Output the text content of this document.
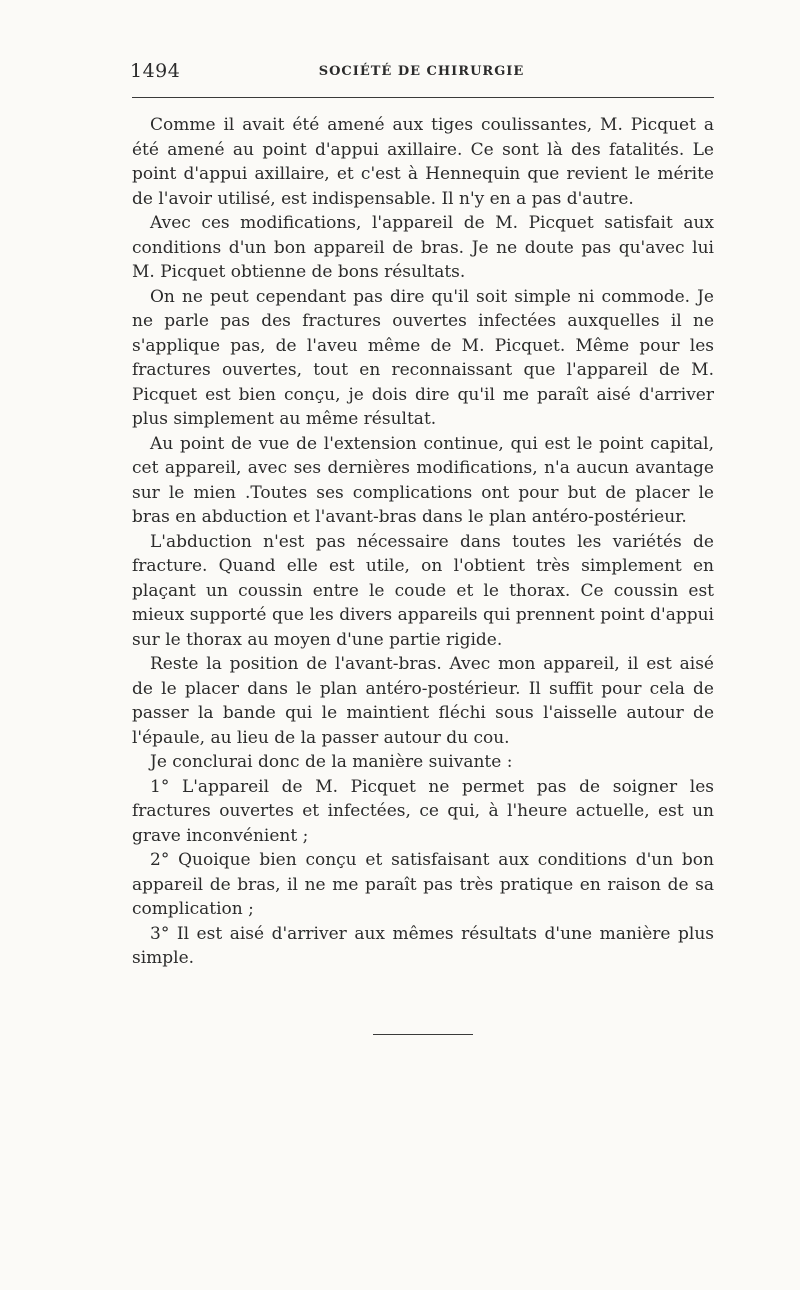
1494	SOCIÉTÉ DE CHIRURGIE

Comme il avait été amené aux tiges coulissantes, M. Picquet a été amené au point d'appui axillaire. Ce sont là des fatalités. Le point d'appui axillaire, et c'est à Hennequin que revient le mérite de l'avoir utilisé, est indispensable. Il n'y en a pas d'autre.

Avec ces modifications, l'appareil de M. Picquet satisfait aux conditions d'un bon appareil de bras. Je ne doute pas qu'avec lui M. Picquet obtienne de bons résultats.

On ne peut cependant pas dire qu'il soit simple ni commode. Je ne parle pas des fractures ouvertes infectées auxquelles il ne s'applique pas, de l'aveu même de M. Picquet. Même pour les fractures ouvertes, tout en reconnaissant que l'appareil de M. Picquet est bien conçu, je dois dire qu'il me paraît aisé d'arriver plus simplement au même résultat.

Au point de vue de l'extension continue, qui est le point capital, cet appareil, avec ses dernières modifications, n'a aucun avantage sur le mien .Toutes ses complications ont pour but de placer le bras en abduction et l'avant-bras dans le plan antéro-postérieur.

L'abduction n'est pas nécessaire dans toutes les variétés de fracture. Quand elle est utile, on l'obtient très simplement en plaçant un coussin entre le coude et le thorax. Ce coussin est mieux supporté que les divers appareils qui prennent point d'appui sur le thorax au moyen d'une partie rigide.

Reste la position de l'avant-bras. Avec mon appareil, il est aisé de le placer dans le plan antéro-postérieur. Il suffit pour cela de passer la bande qui le maintient fléchi sous l'aisselle autour de l'épaule, au lieu de la passer autour du cou.

Je conclurai donc de la manière suivante :

1° L'appareil de M. Picquet ne permet pas de soigner les fractures ouvertes et infectées, ce qui, à l'heure actuelle, est un grave inconvénient ;

2° Quoique bien conçu et satisfaisant aux conditions d'un bon appareil de bras, il ne me paraît pas très pratique en raison de sa complication ;

3° Il est aisé d'arriver aux mêmes résultats d'une manière plus simple.
